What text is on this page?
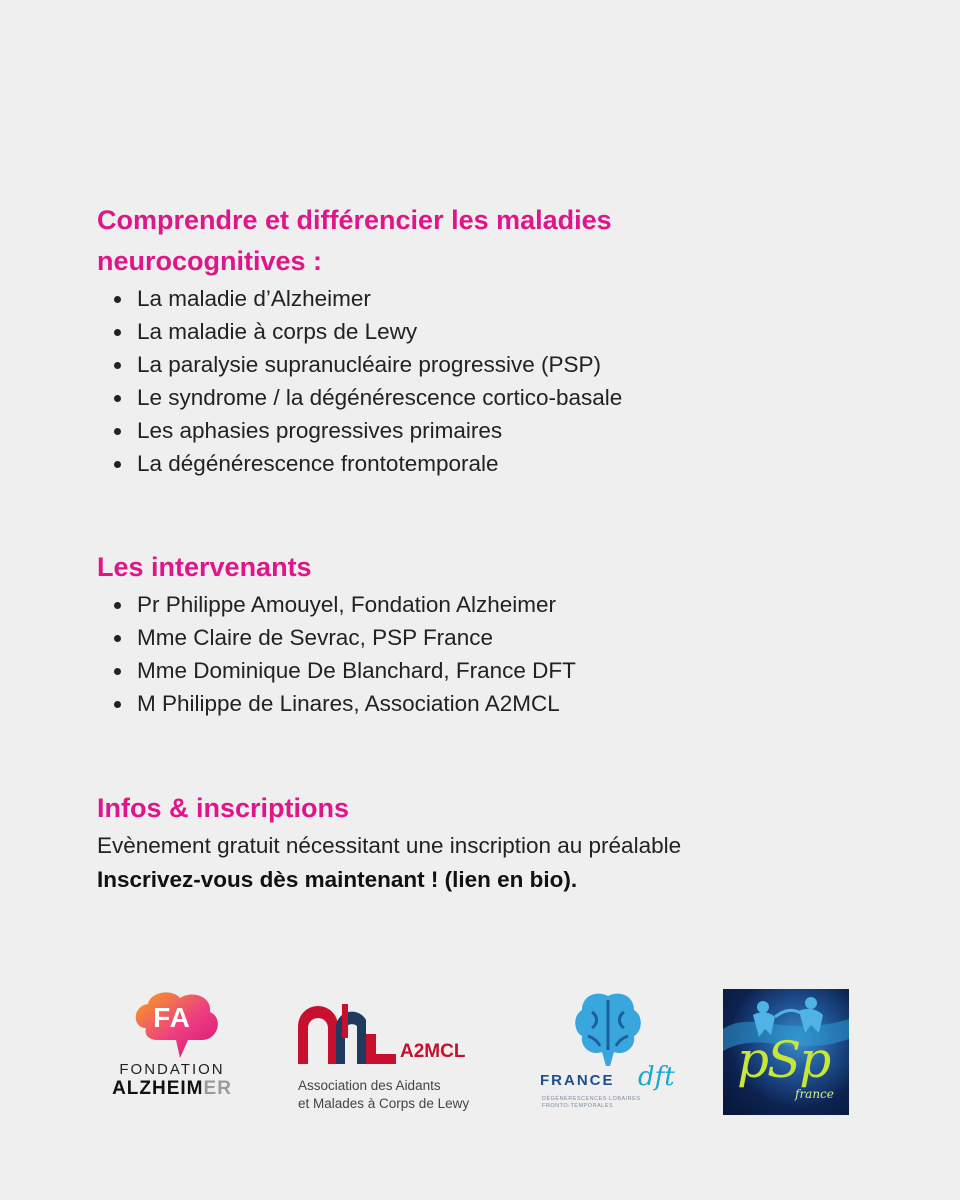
Comprendre et différencier les maladies
neurocognitives :

La maladie d’Alzheimer
La maladie à corps de Lewy
La paralysie supranucléaire progressive (PSP)
Le syndrome / la dégénérescence cortico-basale
Les aphasies progressives primaires
La dégénérescence frontotemporale

Les intervenants

Pr Philippe Amouyel, Fondation Alzheimer
Mme Claire de Sevrac, PSP France
Mme Dominique De Blanchard, France DFT
M Philippe de Linares, Association A2MCL

Infos & inscriptions

Evènement gratuit nécessitant une inscription au préalable

Inscrivez-vous dès maintenant ! (lien en bio).

FA
FONDATION
ALZHEIMER
A2MCL
Association des Aidants
et Malades à Corps de Lewy
FRANCE dft
DÉGÉNÉRESCENCES LOBAIRES
FRONTO-TEMPORALES
pSp
france
